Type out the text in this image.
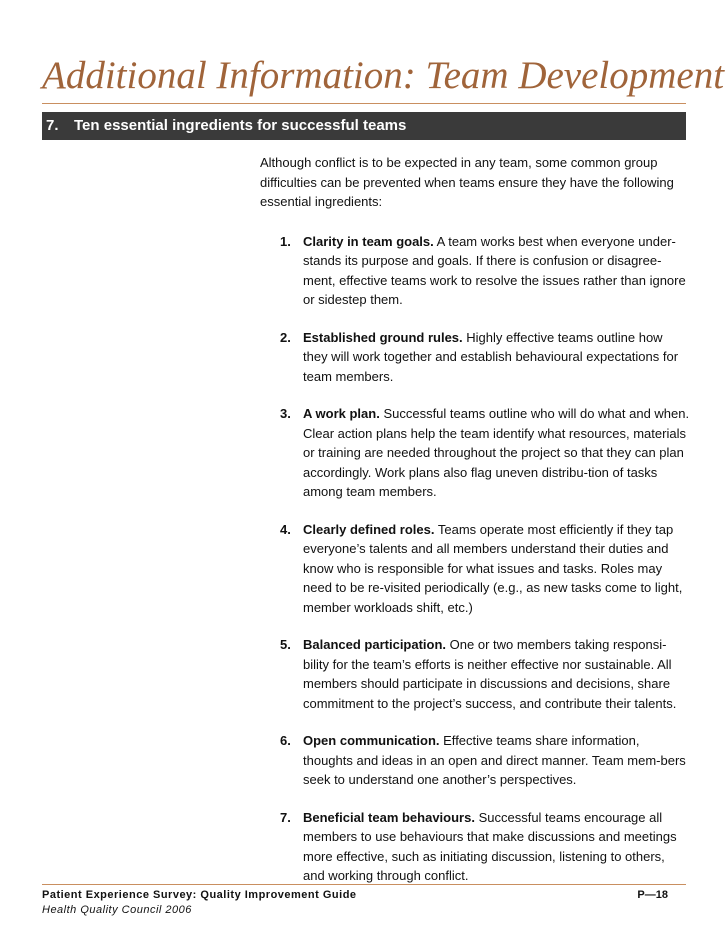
Additional Information: Team Development
7. Ten essential ingredients for successful teams

Although conflict is to be expected in any team, some common group difficulties can be prevented when teams ensure they have the following essential ingredients:

1. Clarity in team goals. A team works best when everyone under-stands its purpose and goals. If there is confusion or disagree-ment, effective teams work to resolve the issues rather than ignore or sidestep them.
2. Established ground rules. Highly effective teams outline how they will work together and establish behavioural expectations for team members.
3. A work plan. Successful teams outline who will do what and when. Clear action plans help the team identify what resources, materials or training are needed throughout the project so that they can plan accordingly. Work plans also flag uneven distribu-tion of tasks among team members.
4. Clearly defined roles. Teams operate most efficiently if they tap everyone’s talents and all members understand their duties and know who is responsible for what issues and tasks. Roles may need to be re-visited periodically (e.g., as new tasks come to light, member workloads shift, etc.)
5. Balanced participation. One or two members taking responsi-bility for the team’s efforts is neither effective nor sustainable. All members should participate in discussions and decisions, share commitment to the project’s success, and contribute their talents.
6. Open communication. Effective teams share information, thoughts and ideas in an open and direct manner. Team mem-bers seek to understand one another’s perspectives.
7. Beneficial team behaviours. Successful teams encourage all members to use behaviours that make discussions and meetings more effective, such as initiating discussion, listening to others, and working through conflict.
Patient Experience Survey: Quality Improvement Guide
Health Quality Council 2006
P—18
